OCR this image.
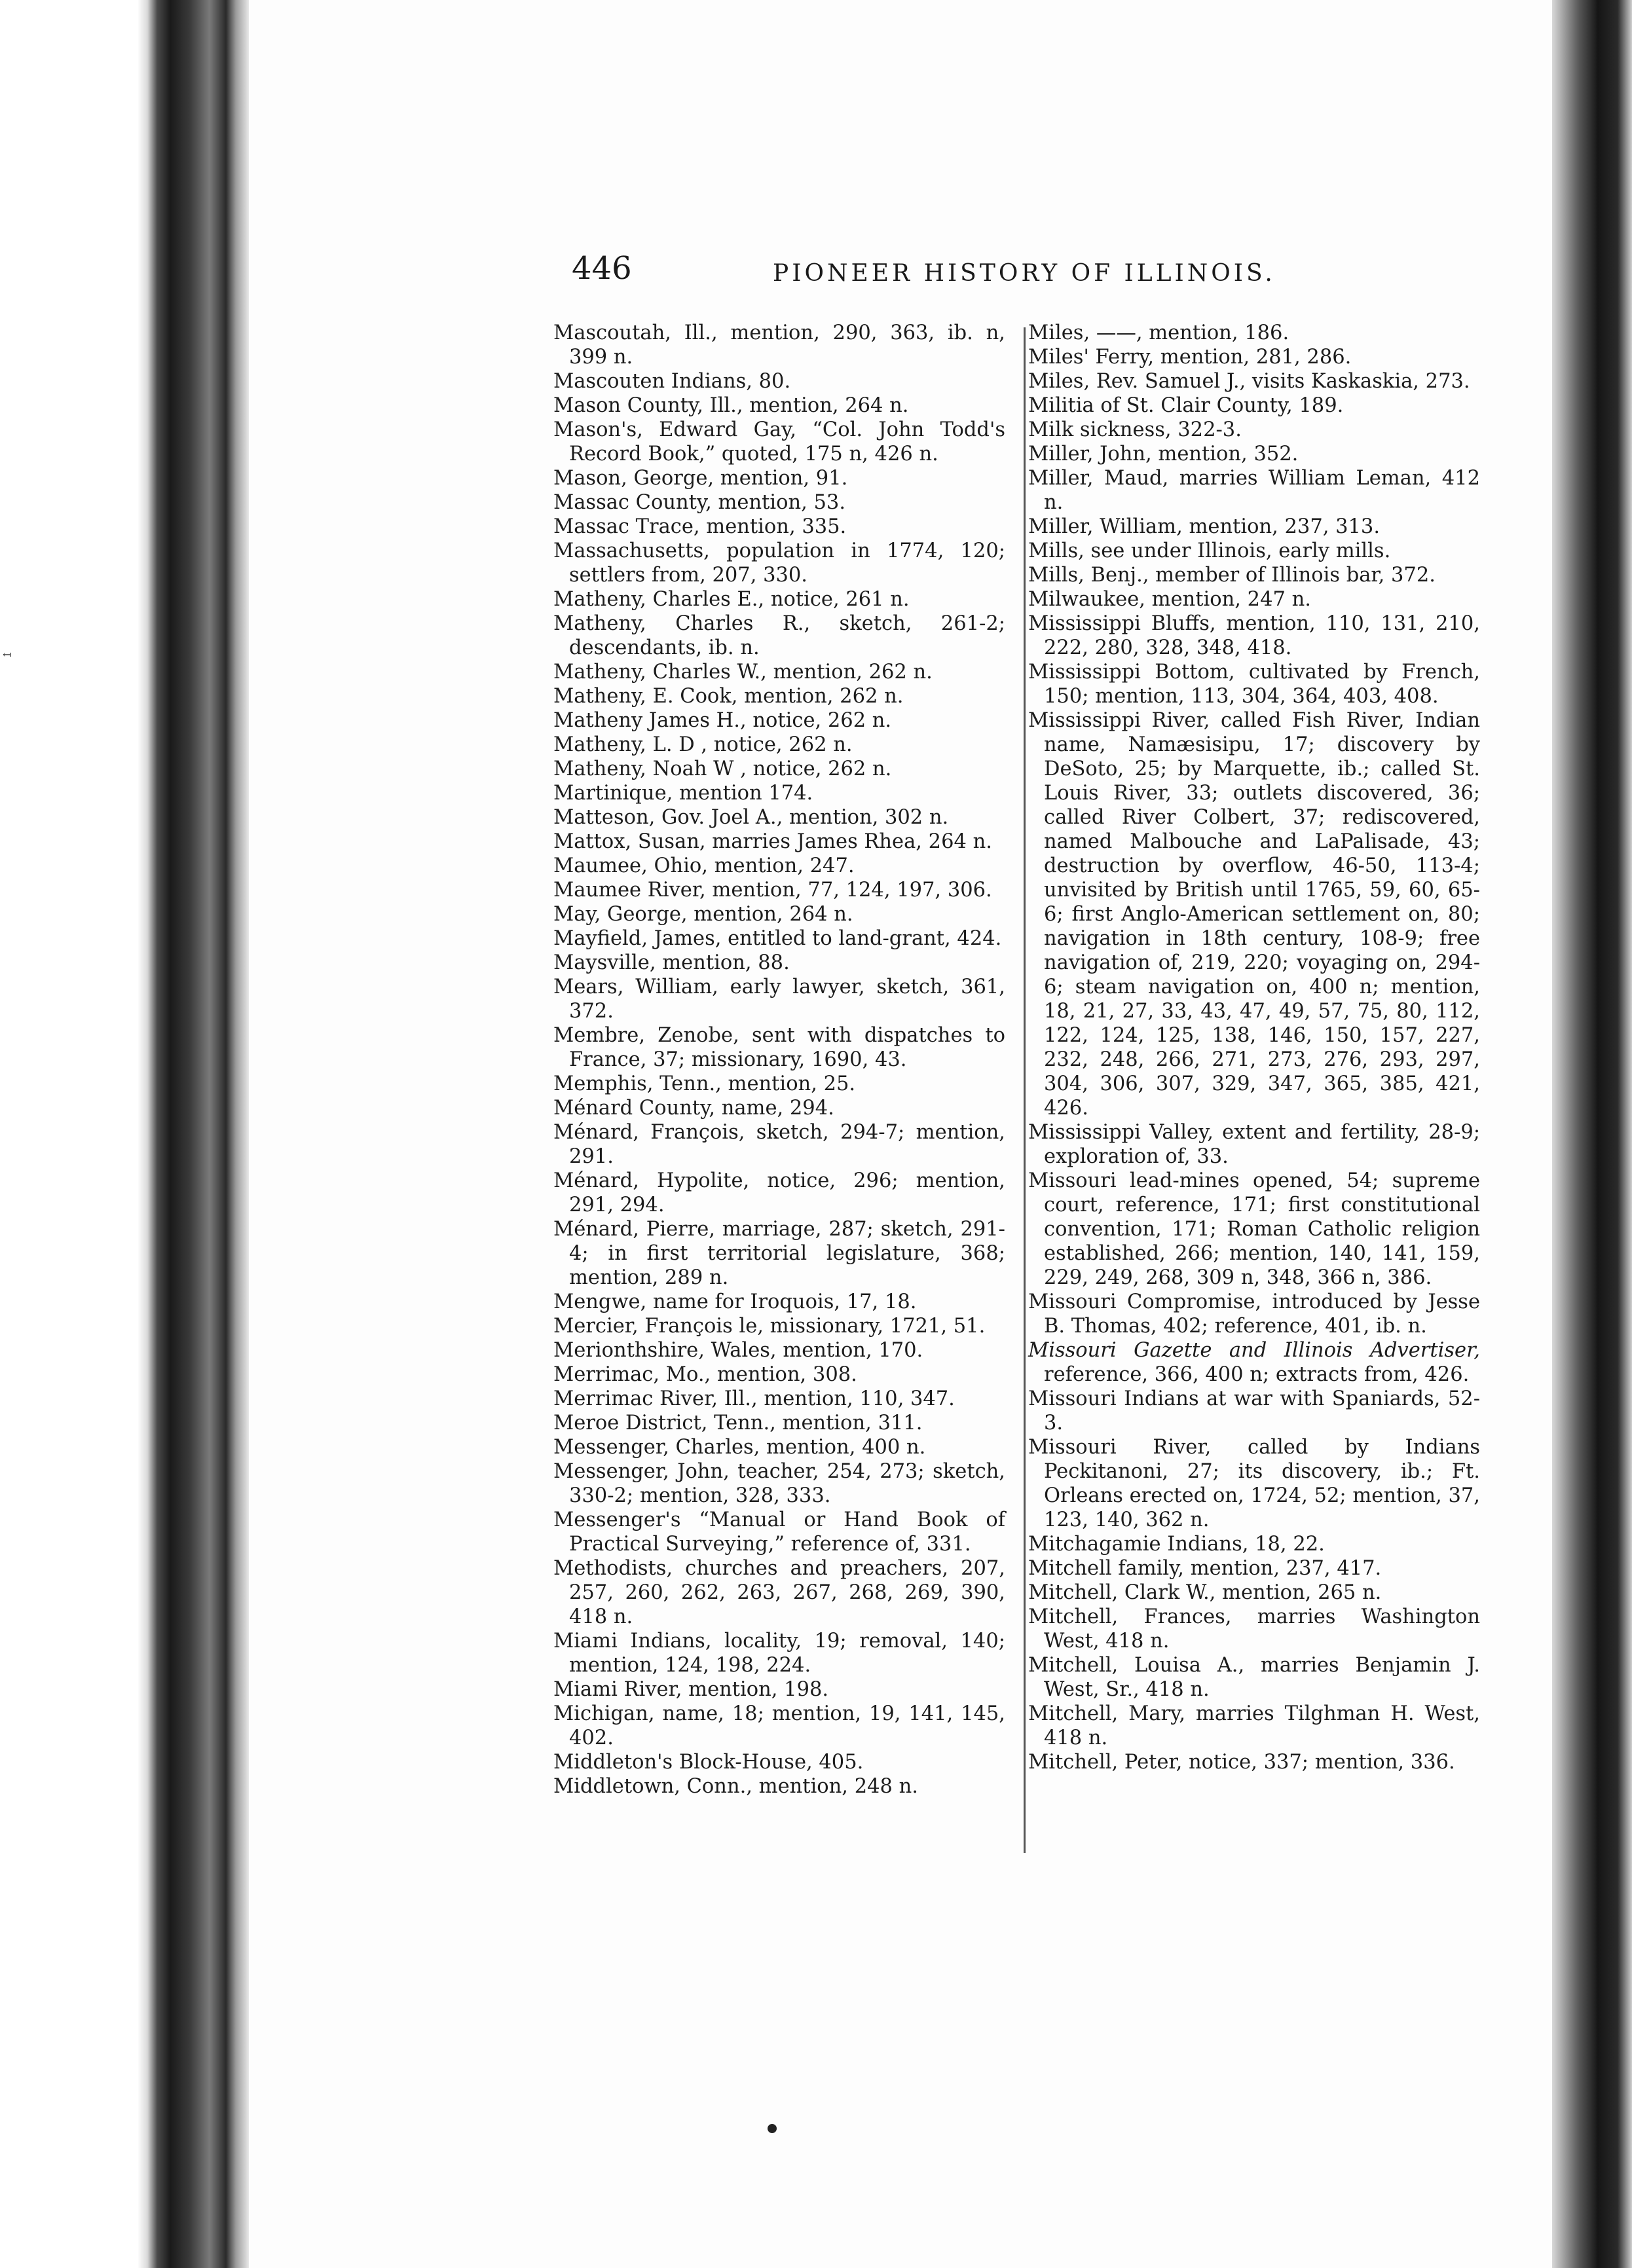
↤
446	PIONEER HISTORY OF ILLINOIS.

Mascoutah, Ill., mention, 290, 363, ib. n, 399 n.

Mascouten Indians, 80.

Mason County, Ill., mention, 264 n.

Mason's, Edward Gay, “Col. John Todd's Record Book,” quoted, 175 n, 426 n.

Mason, George, mention, 91.

Massac County, mention, 53.

Massac Trace, mention, 335.

Massachusetts, population in 1774, 120; settlers from, 207, 330.

Matheny, Charles E., notice, 261 n.

Matheny, Charles R., sketch, 261-2; descendants, ib. n.

Matheny, Charles W., mention, 262 n.

Matheny, E. Cook, mention, 262 n.

Matheny James H., notice, 262 n.

Matheny, L. D , notice, 262 n.

Matheny, Noah W , notice, 262 n.

Martinique, mention 174.

Matteson, Gov. Joel A., mention, 302 n.

Mattox, Susan, marries James Rhea, 264 n.

Maumee, Ohio, mention, 247.

Maumee River, mention, 77, 124, 197, 306.

May, George, mention, 264 n.

Mayfield, James, entitled to land-grant, 424.

Maysville, mention, 88.

Mears, William, early lawyer, sketch, 361, 372.

Membre, Zenobe, sent with dispatches to France, 37; missionary, 1690, 43.

Memphis, Tenn., mention, 25.

Ménard County, name, 294.

Ménard, François, sketch, 294-7; mention, 291.

Ménard, Hypolite, notice, 296; mention, 291, 294.

Ménard, Pierre, marriage, 287; sketch, 291-4; in first territorial legislature, 368; mention, 289 n.

Mengwe, name for Iroquois, 17, 18.

Mercier, François le, missionary, 1721, 51.

Merionthshire, Wales, mention, 170.

Merrimac, Mo., mention, 308.

Merrimac River, Ill., mention, 110, 347.

Meroe District, Tenn., mention, 311.

Messenger, Charles, mention, 400 n.

Messenger, John, teacher, 254, 273; sketch, 330-2; mention, 328, 333.

Messenger's “Manual or Hand Book of Practical Surveying,” reference of, 331.

Methodists, churches and preachers, 207, 257, 260, 262, 263, 267, 268, 269, 390, 418 n.

Miami Indians, locality, 19; removal, 140; mention, 124, 198, 224.

Miami River, mention, 198.

Michigan, name, 18; mention, 19, 141, 145, 402.

Middleton's Block-House, 405.

Middletown, Conn., mention, 248 n.

Miles, ——, mention, 186.

Miles' Ferry, mention, 281, 286.

Miles, Rev. Samuel J., visits Kaskaskia, 273.

Militia of St. Clair County, 189.

Milk sickness, 322-3.

Miller, John, mention, 352.

Miller, Maud, marries William Leman, 412 n.

Miller, William, mention, 237, 313.

Mills, see under Illinois, early mills.

Mills, Benj., member of Illinois bar, 372.

Milwaukee, mention, 247 n.

Mississippi Bluffs, mention, 110, 131, 210, 222, 280, 328, 348, 418.

Mississippi Bottom, cultivated by French, 150; mention, 113, 304, 364, 403, 408.

Mississippi River, called Fish River, Indian name, Namæsisipu, 17; discovery by DeSoto, 25; by Marquette, ib.; called St. Louis River, 33; outlets discovered, 36; called River Colbert, 37; rediscovered, named Malbouche and LaPalisade, 43; destruction by overflow, 46-50, 113-4; unvisited by British until 1765, 59, 60, 65-6; first Anglo-American settlement on, 80; navigation in 18th century, 108-9; free navigation of, 219, 220; voyaging on, 294-6; steam navigation on, 400 n; mention, 18, 21, 27, 33, 43, 47, 49, 57, 75, 80, 112, 122, 124, 125, 138, 146, 150, 157, 227, 232, 248, 266, 271, 273, 276, 293, 297, 304, 306, 307, 329, 347, 365, 385, 421, 426.

Mississippi Valley, extent and fertility, 28-9; exploration of, 33.

Missouri lead-mines opened, 54; supreme court, reference, 171; first constitutional convention, 171; Roman Catholic religion established, 266; mention, 140, 141, 159, 229, 249, 268, 309 n, 348, 366 n, 386.

Missouri Compromise, introduced by Jesse B. Thomas, 402; reference, 401, ib. n.

Missouri Gazette and Illinois Advertiser, reference, 366, 400 n; extracts from, 426.

Missouri Indians at war with Spaniards, 52-3.

Missouri River, called by Indians Peckitanoni, 27; its discovery, ib.; Ft. Orleans erected on, 1724, 52; mention, 37, 123, 140, 362 n.

Mitchagamie Indians, 18, 22.

Mitchell family, mention, 237, 417.

Mitchell, Clark W., mention, 265 n.

Mitchell, Frances, marries Washington West, 418 n.

Mitchell, Louisa A., marries Benjamin J. West, Sr., 418 n.

Mitchell, Mary, marries Tilghman H. West, 418 n.

Mitchell, Peter, notice, 337; mention, 336.
